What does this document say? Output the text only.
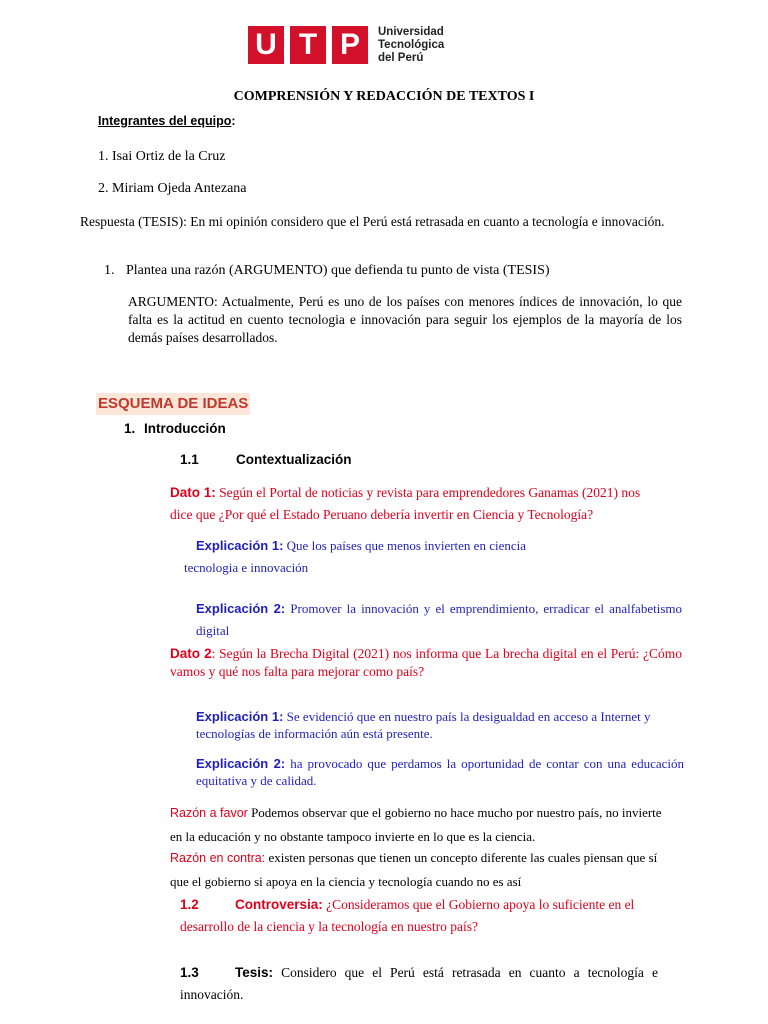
U T P	Universidad
Tecnológica
del Perú
COMPRENSIÓN Y REDACCIÓN DE TEXTOS I
Integrantes del equipo:
1. Isai Ortiz de la Cruz
2. Miriam Ojeda Antezana
Respuesta (TESIS): En mi opinión considero que el Perú está retrasada en cuanto a tecnología e innovación.
1. Plantea una razón (ARGUMENTO) que defienda tu punto de vista (TESIS)
ARGUMENTO: Actualmente, Perú es uno de los países con menores índices de innovación, lo que falta es la actitud en cuento tecnologia e innovación para seguir los ejemplos de la mayoría de los demás países desarrollados.
ESQUEMA DE IDEAS
1. Introducción
1.1	Contextualización
Dato 1: Según el Portal de noticias y revista para emprendedores Ganamas (2021) nos dice que ¿Por qué el Estado Peruano debería invertir en Ciencia y Tecnología?
Explicación 1: Que los países que menos invierten en ciencia
tecnologia e innovación
Explicación 2: Promover la innovación y el emprendimiento, erradicar el analfabetismo digital
Dato 2: Según la Brecha Digital (2021) nos informa que La brecha digital en el Perú: ¿Cómo vamos y qué nos falta para mejorar como país?
Explicación 1: Se evidenció que en nuestro país la desigualdad en acceso a Internet y tecnologías de información aún está presente.
Explicación 2: ha provocado que perdamos la oportunidad de contar con una educación equitativa y de calidad.
Razón a favor Podemos observar que el gobierno no hace mucho por nuestro país, no invierte en la educación y no obstante tampoco invierte en lo que es la ciencia.
Razón en contra: existen personas que tienen un concepto diferente las cuales piensan que sí que el gobierno si apoya en la ciencia y tecnología cuando no es así
1.2	Controversia: ¿Consideramos que el Gobierno apoya lo suficiente en el desarrollo de la ciencia y la tecnología en nuestro país?
1.3	Tesis: Considero que el Perú está retrasada en cuanto a tecnología e innovación.
